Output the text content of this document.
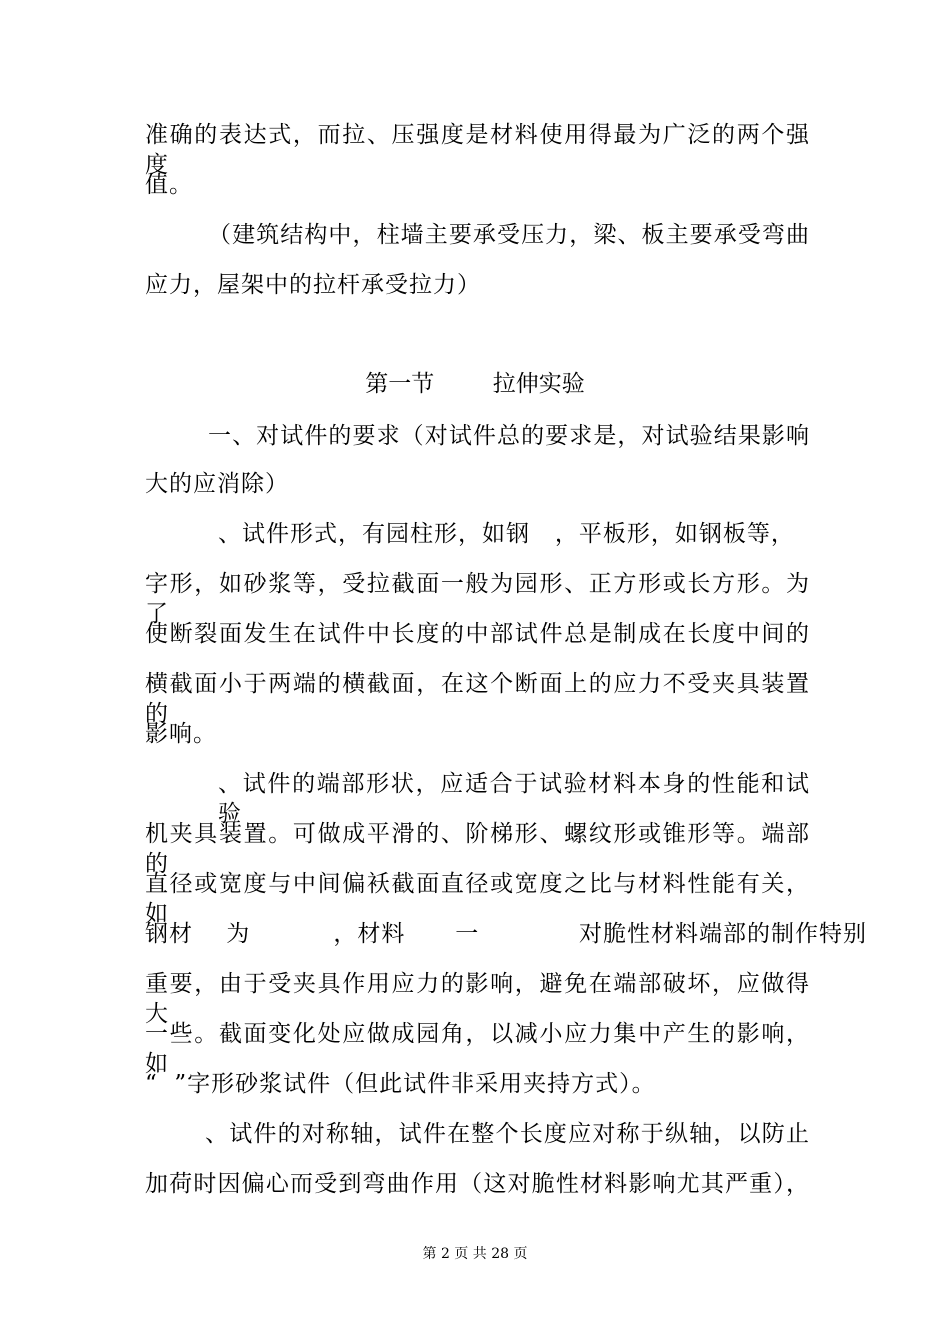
准确的表达式，而拉、压强度是材料使用得最为广泛的两个强度
值。
（建筑结构中，柱墙主要承受压力，梁、板主要承受弯曲
应力，屋架中的拉杆承受拉力）
第一节        拉伸实验
一、对试件的要求（对试件总的要求是，对试验结果影响
大的应消除）
、试件形式，有园柱形，如钢   ，平板形，如钢板等，
字形，如砂浆等，受拉截面一般为园形、正方形或长方形。为了
使断裂面发生在试件中长度的中部试件总是制成在长度中间的
横截面小于两端的横截面，在这个断面上的应力不受夹具装置的
影响。
、试件的端部形状，应适合于试验材料本身的性能和试验
机夹具装置。可做成平滑的、阶梯形、螺纹形或锥形等。端部的
直径或宽度与中间偏袄截面直径或宽度之比与材料性能有关，如
钢材    为          ，材料      一            对脆性材料端部的制作特别
重要，由于受夹具作用应力的影响，避免在端部破坏，应做得大
一些。截面变化处应做成园角，以减小应力集中产生的影响，如
“  ”字形砂浆试件（但此试件非采用夹持方式）。
、试件的对称轴，试件在整个长度应对称于纵轴，以防止
加荷时因偏心而受到弯曲作用（这对脆性材料影响尤其严重），
第 2 页 共 28 页
